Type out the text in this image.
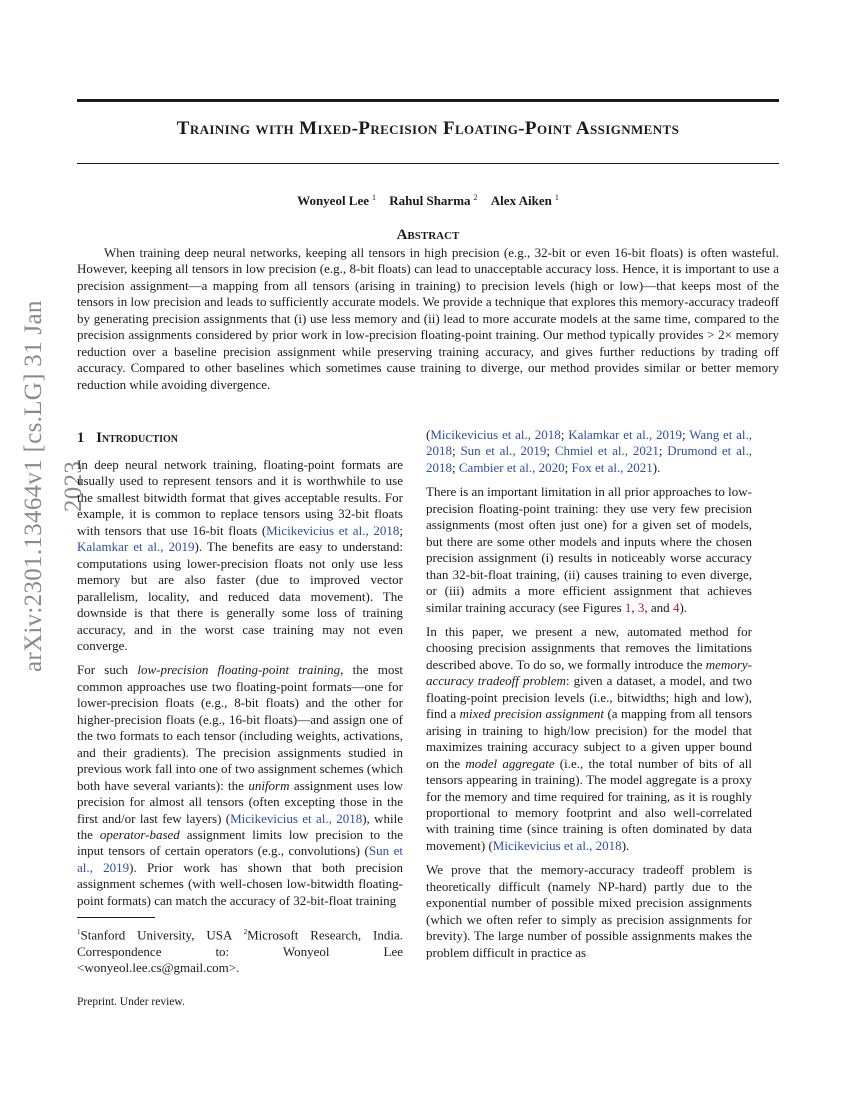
arXiv:2301.13464v1 [cs.LG] 31 Jan 2023
Training with Mixed-Precision Floating-Point Assignments
Wonyeol Lee $^1$ Rahul Sharma $^2$ Alex Aiken $^1$
Abstract

When training deep neural networks, keeping all tensors in high precision (e.g., 32-bit or even 16-bit floats) is often wasteful. However, keeping all tensors in low precision (e.g., 8-bit floats) can lead to unacceptable accuracy loss. Hence, it is important to use a precision assignment—a mapping from all tensors (arising in training) to precision levels (high or low)—that keeps most of the tensors in low precision and leads to sufficiently accurate models. We provide a technique that explores this memory-accuracy tradeoff by generating precision assignments that (i) use less memory and (ii) lead to more accurate models at the same time, compared to the precision assignments considered by prior work in low-precision floating-point training. Our method typically provides > 2× memory reduction over a baseline precision assignment while preserving training accuracy, and gives further reductions by trading off accuracy. Compared to other baselines which sometimes cause training to diverge, our method provides similar or better memory reduction while avoiding divergence.

1 Introduction

In deep neural network training, floating-point formats are usually used to represent tensors and it is worthwhile to use the smallest bitwidth format that gives acceptable results. For example, it is common to replace tensors using 32-bit floats with tensors that use 16-bit floats (Micikevicius et al., 2018; Kalamkar et al., 2019). The benefits are easy to understand: computations using lower-precision floats not only use less memory but are also faster (due to improved vector parallelism, locality, and reduced data movement). The downside is that there is generally some loss of training accuracy, and in the worst case training may not even converge.

For such low-precision floating-point training, the most common approaches use two floating-point formats—one for lower-precision floats (e.g., 8-bit floats) and the other for higher-precision floats (e.g., 16-bit floats)—and assign one of the two formats to each tensor (including weights, activations, and their gradients). The precision assignments studied in previous work fall into one of two assignment schemes (which both have several variants): the uniform assignment uses low precision for almost all tensors (often excepting those in the first and/or last few layers) (Micikevicius et al., 2018), while the operator-based assignment limits low precision to the input tensors of certain operators (e.g., convolutions) (Sun et al., 2019). Prior work has shown that both precision assignment schemes (with well-chosen low-bitwidth floating-point formats) can match the accuracy of 32-bit-float training

$^1$Stanford University, USA $^2$Microsoft Research, India. Correspondence to: Wonyeol Lee <wonyeol.lee.cs@gmail.com>.

Preprint. Under review.

(Micikevicius et al., 2018; Kalamkar et al., 2019; Wang et al., 2018; Sun et al., 2019; Chmiel et al., 2021; Drumond et al., 2018; Cambier et al., 2020; Fox et al., 2021).

There is an important limitation in all prior approaches to low-precision floating-point training: they use very few precision assignments (most often just one) for a given set of models, but there are some other models and inputs where the chosen precision assignment (i) results in noticeably worse accuracy than 32-bit-float training, (ii) causes training to even diverge, or (iii) admits a more efficient assignment that achieves similar training accuracy (see Figures 1, 3, and 4).

In this paper, we present a new, automated method for choosing precision assignments that removes the limitations described above. To do so, we formally introduce the memory-accuracy tradeoff problem: given a dataset, a model, and two floating-point precision levels (i.e., bitwidths; high and low), find a mixed precision assignment (a mapping from all tensors arising in training to high/low precision) for the model that maximizes training accuracy subject to a given upper bound on the model aggregate (i.e., the total number of bits of all tensors appearing in training). The model aggregate is a proxy for the memory and time required for training, as it is roughly proportional to memory footprint and also well-correlated with training time (since training is often dominated by data movement) (Micikevicius et al., 2018).

We prove that the memory-accuracy tradeoff problem is theoretically difficult (namely NP-hard) partly due to the exponential number of possible mixed precision assignments (which we often refer to simply as precision assignments for brevity). The large number of possible assignments makes the problem difficult in practice as
